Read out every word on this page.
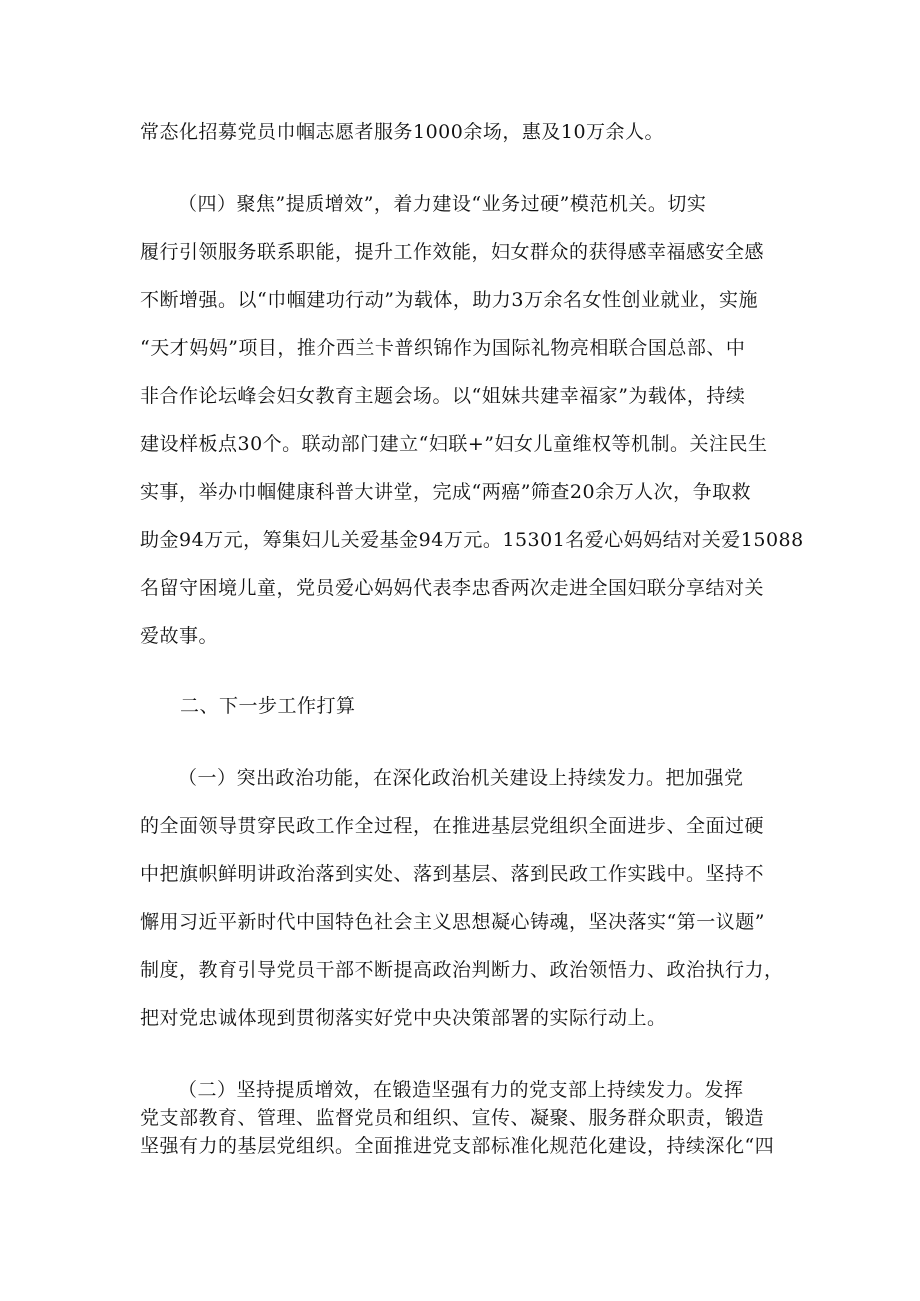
常态化招募党员巾帼志愿者服务1000余场，惠及10万余人。
（四）聚焦”提质增效”，着力建设“业务过硬”模范机关。切实
履行引领服务联系职能，提升工作效能，妇女群众的获得感幸福感安全感
不断增强。以“巾帼建功行动”为载体，助力3万余名女性创业就业，实施
“天才妈妈”项目，推介西兰卡普织锦作为国际礼物亮相联合国总部、中
非合作论坛峰会妇女教育主题会场。以“姐妹共建幸福家”为载体，持续
建设样板点30个。联动部门建立“妇联+”妇女儿童维权等机制。关注民生
实事，举办巾帼健康科普大讲堂，完成“两癌”筛查20余万人次，争取救
助金94万元，筹集妇儿关爱基金94万元。15301名爱心妈妈结对关爱15088
名留守困境儿童，党员爱心妈妈代表李忠香两次走进全国妇联分享结对关
爱故事。
二、下一步工作打算
（一）突出政治功能，在深化政治机关建设上持续发力。把加强党
的全面领导贯穿民政工作全过程，在推进基层党组织全面进步、全面过硬
中把旗帜鲜明讲政治落到实处、落到基层、落到民政工作实践中。坚持不
懈用习近平新时代中国特色社会主义思想凝心铸魂，坚决落实“第一议题”
制度，教育引导党员干部不断提高政治判断力、政治领悟力、政治执行力，
把对党忠诚体现到贯彻落实好党中央决策部署的实际行动上。
（二）坚持提质增效，在锻造坚强有力的党支部上持续发力。发挥
党支部教育、管理、监督党员和组织、宣传、凝聚、服务群众职责，锻造
坚强有力的基层党组织。全面推进党支部标准化规范化建设，持续深化“四
